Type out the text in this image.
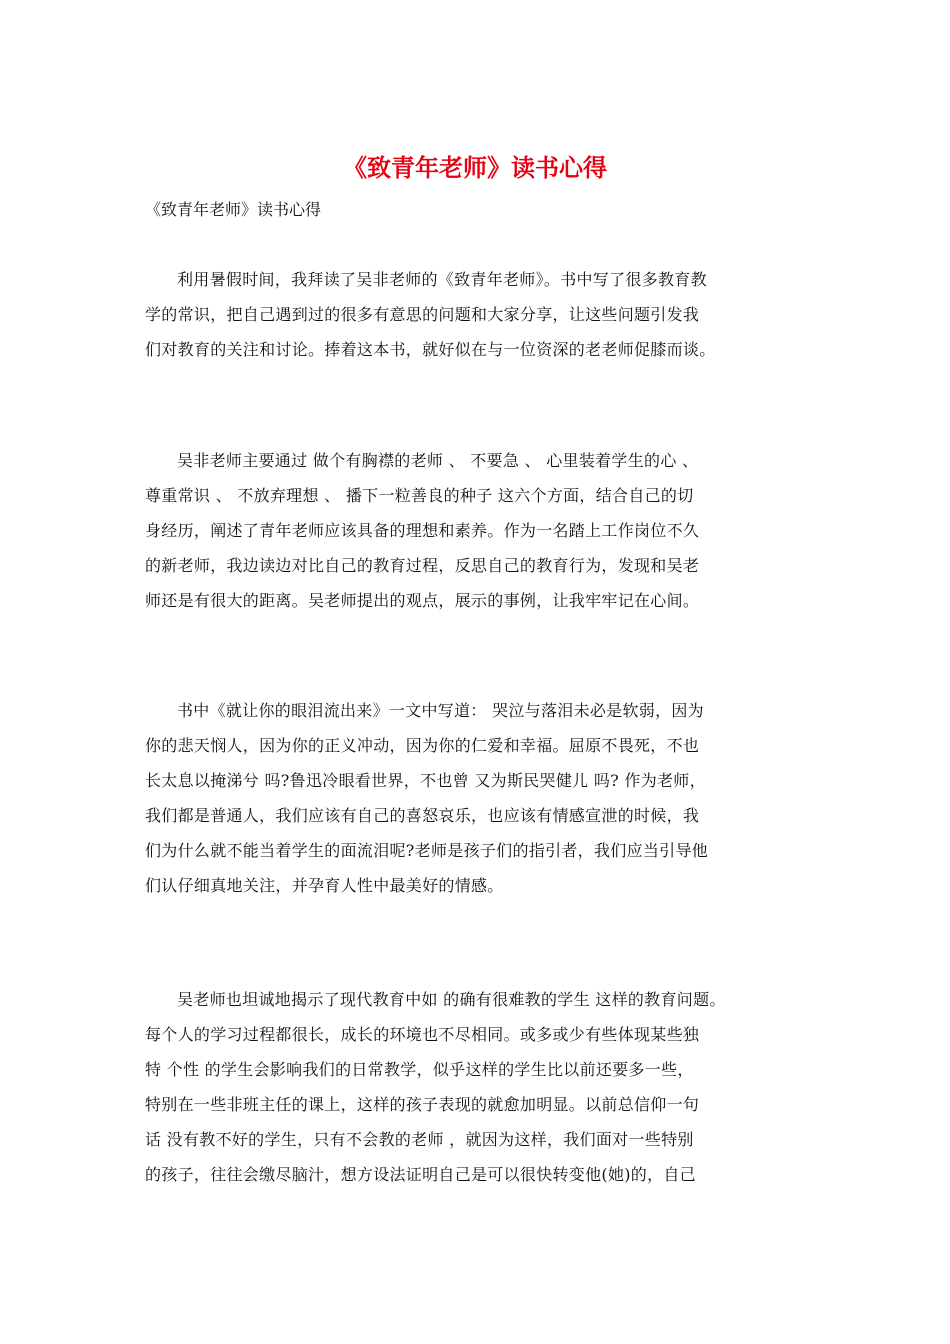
《致青年老师》读书心得

《致青年老师》读书心得

利用暑假时间，我拜读了吴非老师的《致青年老师》。书中写了很多教育教
学的常识，把自己遇到过的很多有意思的问题和大家分享，让这些问题引发我
们对教育的关注和讨论。捧着这本书，就好似在与一位资深的老老师促膝而谈。
吴非老师主要通过 做个有胸襟的老师 、 不要急 、 心里装着学生的心 、
尊重常识 、 不放弃理想 、 播下一粒善良的种子 这六个方面，结合自己的切
身经历，阐述了青年老师应该具备的理想和素养。作为一名踏上工作岗位不久
的新老师，我边读边对比自己的教育过程，反思自己的教育行为，发现和吴老
师还是有很大的距离。吴老师提出的观点，展示的事例，让我牢牢记在心间。
书中《就让你的眼泪流出来》一文中写道： 哭泣与落泪未必是软弱，因为
你的悲天悯人，因为你的正义冲动，因为你的仁爱和幸福。屈原不畏死，不也
长太息以掩涕兮 吗?鲁迅冷眼看世界，不也曾 又为斯民哭健儿 吗? 作为老师，
我们都是普通人，我们应该有自己的喜怒哀乐，也应该有情感宣泄的时候，我
们为什么就不能当着学生的面流泪呢?老师是孩子们的指引者，我们应当引导他
们认仔细真地关注，并孕育人性中最美好的情感。
吴老师也坦诚地揭示了现代教育中如 的确有很难教的学生 这样的教育问题。
每个人的学习过程都很长，成长的环境也不尽相同。或多或少有些体现某些独
特 个性 的学生会影响我们的日常教学，似乎这样的学生比以前还要多一些，
特别在一些非班主任的课上，这样的孩子表现的就愈加明显。以前总信仰一句
话 没有教不好的学生，只有不会教的老师 ，就因为这样，我们面对一些特别
的孩子，往往会缴尽脑汁，想方设法证明自己是可以很快转变他(她)的，自己
